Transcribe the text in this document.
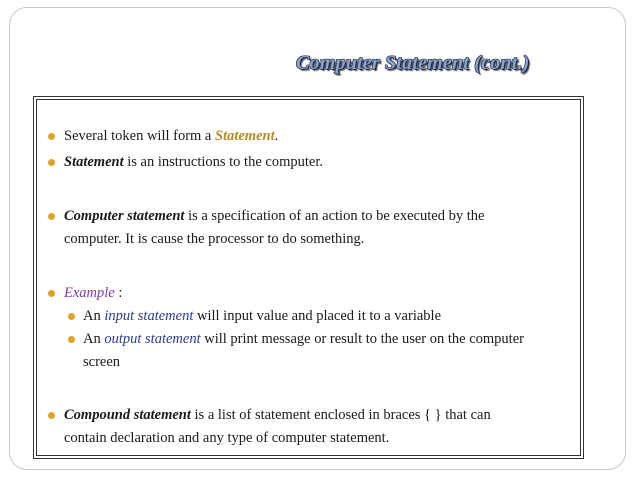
Computer Statement (cont.)
Several token will form a Statement.
Statement is an instructions to the computer.
Computer statement is a specification of an action to be executed by the
computer. It is cause the processor to do something.
Example :
An input statement will input value and placed it to a variable
An output statement will print message or result to the user on the computer
screen
Compound statement is a list of statement enclosed in braces { } that can
contain declaration and any type of computer statement.
